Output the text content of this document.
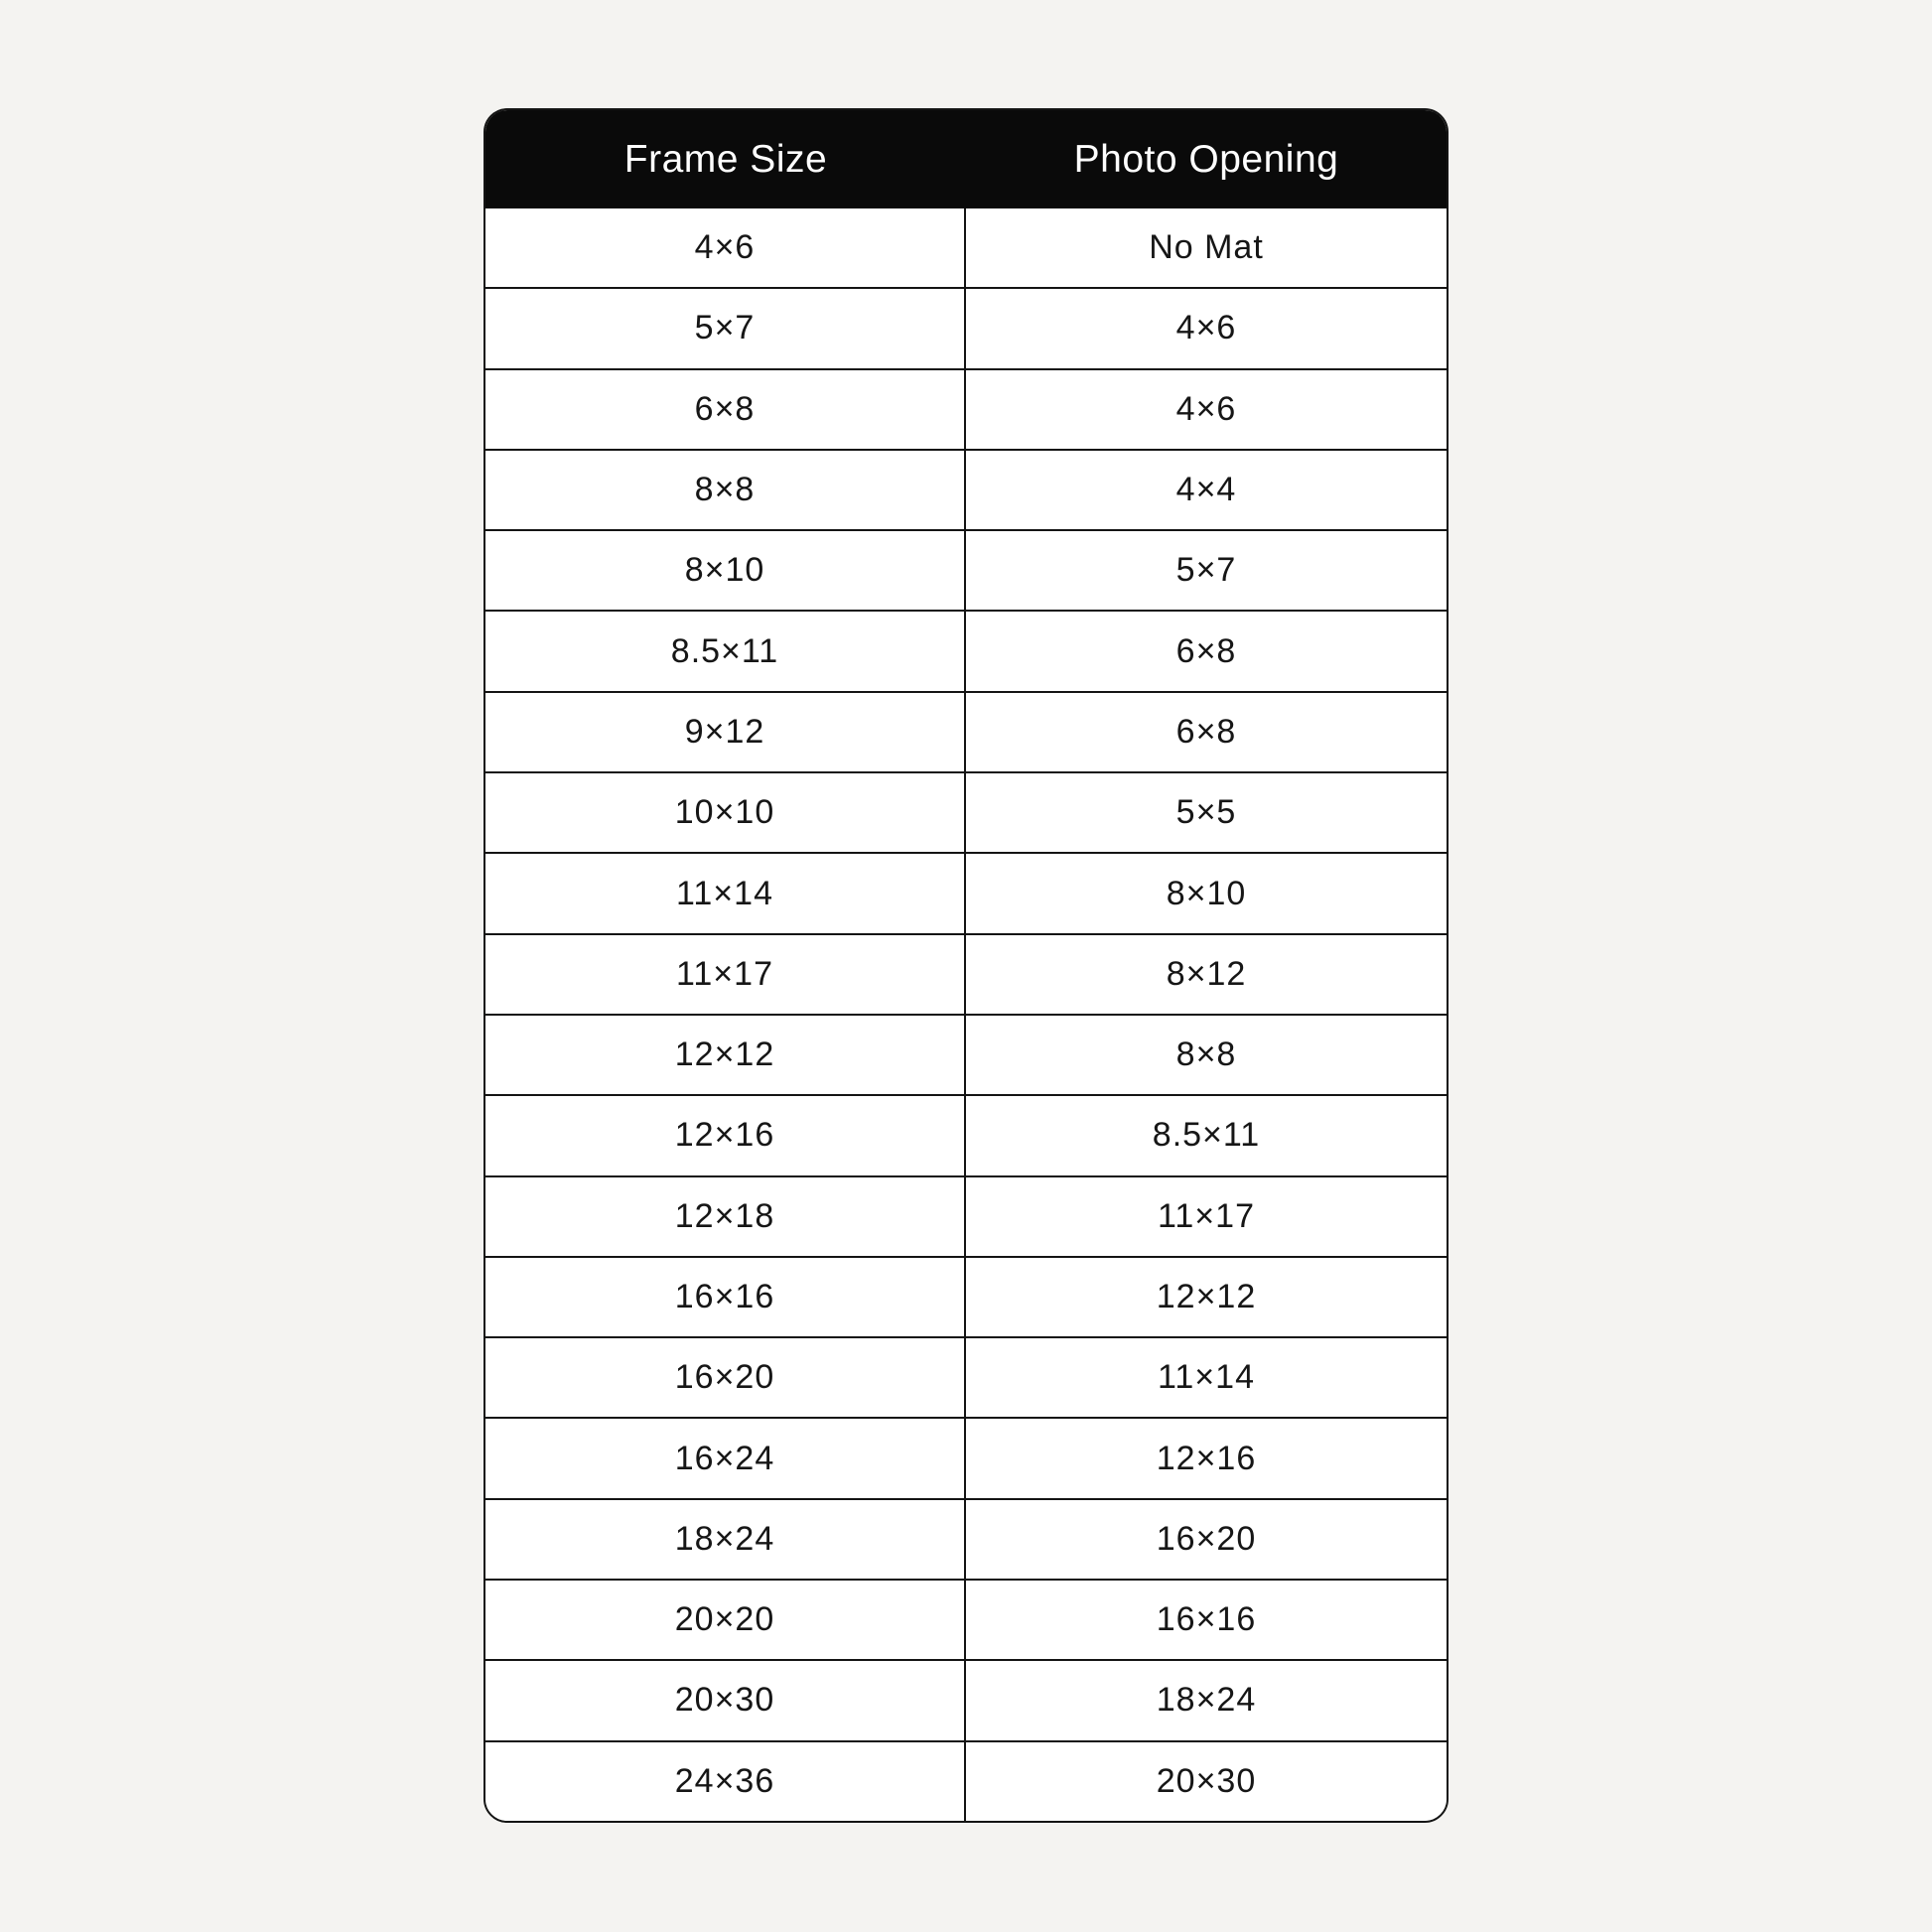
Frame Size	Photo Opening
4×6	No Mat
5×7	4×6
6×8	4×6
8×8	4×4
8×10	5×7
8.5×11	6×8
9×12	6×8
10×10	5×5
11×14	8×10
11×17	8×12
12×12	8×8
12×16	8.5×11
12×18	11×17
16×16	12×12
16×20	11×14
16×24	12×16
18×24	16×20
20×20	16×16
20×30	18×24
24×36	20×30
